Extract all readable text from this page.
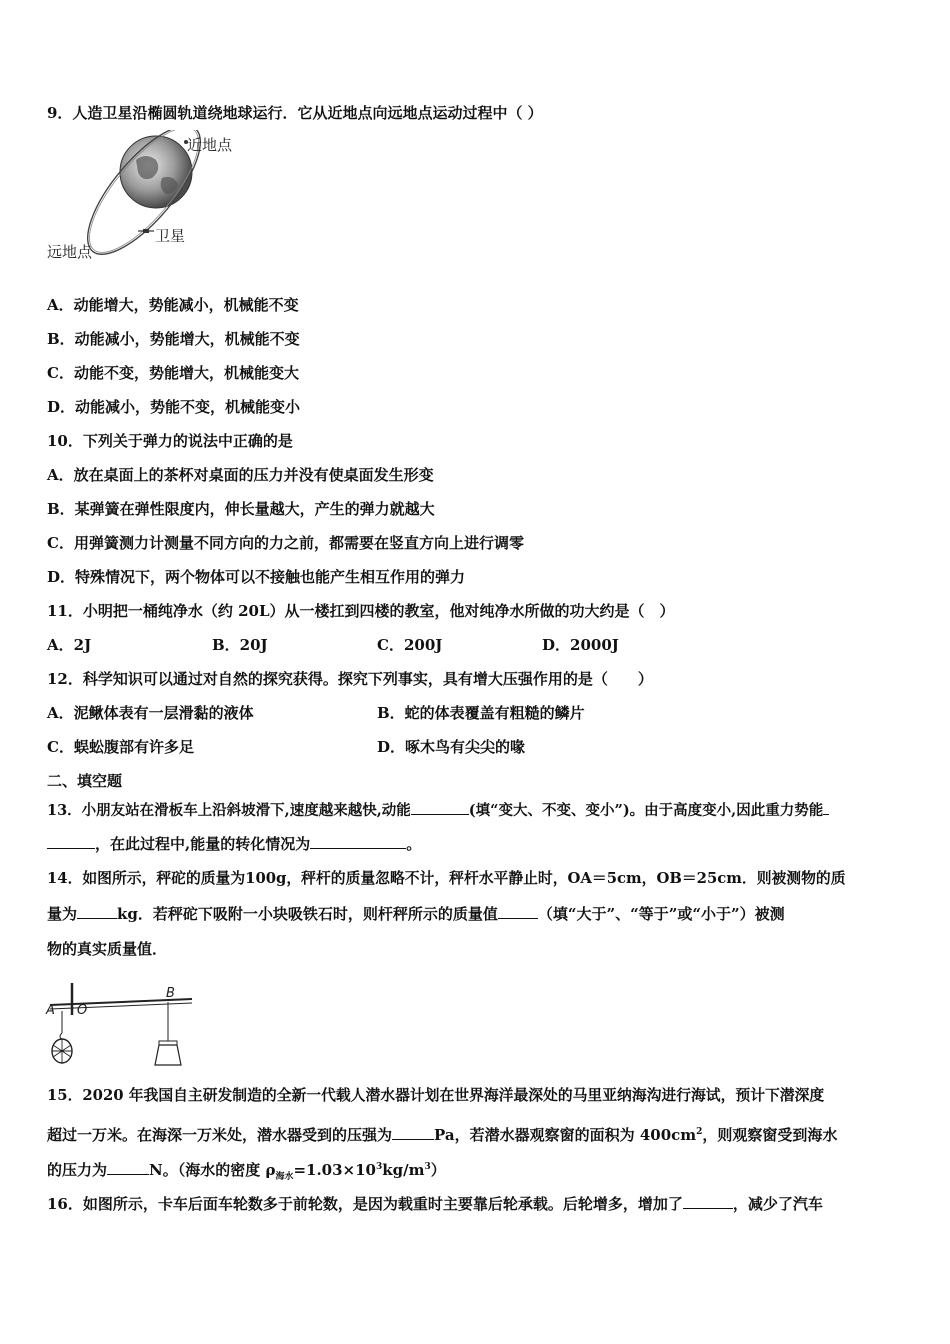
9．人造卫星沿椭圆轨道绕地球运行．它从近地点向远地点运动过程中（ ）
近地点
远地点
卫星
A．动能增大，势能减小，机械能不变
B．动能减小，势能增大，机械能不变
C．动能不变，势能增大，机械能变大
D．动能减小，势能不变，机械能变小
10．下列关于弹力的说法中正确的是
A．放在桌面上的茶杯对桌面的压力并没有使桌面发生形变
B．某弹簧在弹性限度内，伸长量越大，产生的弹力就越大
C．用弹簧测力计测量不同方向的力之前，都需要在竖直方向上进行调零
D．特殊情况下，两个物体可以不接触也能产生相互作用的弹力
11．小明把一桶纯净水（约 20L）从一楼扛到四楼的教室，他对纯净水所做的功大约是（　）
A．2J	B．20J	C．200J	D．2000J
12．科学知识可以通过对自然的探究获得。探究下列事实，具有增大压强作用的是（　　）
A．泥鳅体表有一层滑黏的液体	B．蛇的体表覆盖有粗糙的鳞片
C．蜈蚣腹部有许多足	D．啄木鸟有尖尖的喙
二、填空题
13．小朋友站在滑板车上沿斜坡滑下,速度越来越快,动能	(填“变大、不变、变小”)。由于高度变小,因此重力势能
，在此过程中,能量的转化情况为	。
14．如图所示，秤砣的质量为100g，秤杆的质量忽略不计，秤杆水平静止时，OA＝5cm，OB＝25cm．则被测物的质
量为	kg．若秤砣下吸附一小块吸铁石时，则杆秤所示的质量值	（填“大于”、“等于”或“小于”）被测
物的真实质量值．
A O
B
15．2020 年我国自主研发制造的全新一代载人潜水器计划在世界海洋最深处的马里亚纳海沟进行海试，预计下潜深度
超过一万米。在海深一万米处，潜水器受到的压强为	Pa，若潜水器观察窗的面积为 $400cm^2$，则观察窗受到海水
的压力为	N。（海水的密度 $\rho_{海水}=1.03\times 10^3kg/m^3$）
16．如图所示，卡车后面车轮数多于前轮数，是因为载重时主要靠后轮承载。后轮增多，增加了	，减少了汽车
